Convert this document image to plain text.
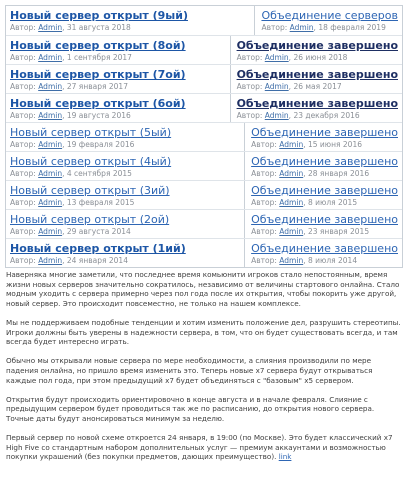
Новый сервер открыт (9ый)
Автор: Admin, 31 августа 2018
Объединение серверов
Автор: Admin, 18 февраля 2019
Новый сервер открыт (8ой)
Автор: Admin, 1 сентября 2017
Объединение завершено
Автор: Admin, 26 июня 2018
Новый сервер открыт (7ой)
Автор: Admin, 27 января 2017
Объединение завершено
Автор: Admin, 26 мая 2017
Новый сервер открыт (6ой)
Автор: Admin, 19 августа 2016
Объединение завершено
Автор: Admin, 23 декабря 2016
Новый сервер открыт (5ый)
Автор: Admin, 19 февраля 2016
Объединение завершено
Автор: Admin, 15 июня 2016
Новый сервер открыт (4ый)
Автор: Admin, 4 сентября 2015
Объединение завершено
Автор: Admin, 28 января 2016
Новый сервер открыт (3ий)
Автор: Admin, 13 февраля 2015
Объединение завершено
Автор: Admin, 8 июля 2015
Новый сервер открыт (2ой)
Автор: Admin, 29 августа 2014
Объединение завершено
Автор: Admin, 23 января 2015
Новый сервер открыт (1ий)
Автор: Admin, 24 января 2014
Объединение завершено
Автор: Admin, 8 июля 2014

Наверняка многие заметили, что последнее время комьюнити игроков стало непостоянным, время жизни новых серверов значительно сократилось, независимо от величины стартового онлайна. Стало модным уходить с сервера примерно через пол года после их открытия, чтобы покорить уже другой, новый сервер. Это происходит повсеместно, не только на нашем комплексе.

Мы не поддерживаем подобные тенденции и хотим изменить положение дел, разрушить стереотипы. Игроки должны быть уверены в надежности сервера, в том, что он будет существовать всегда, и там всегда будет интересно играть.

Обычно мы открывали новые сервера по мере необходимости, а слияния производили по мере падения онлайна, но пришло время изменить это. Теперь новые x7 сервера будут открываться каждые пол года, при этом предыдущий x7 будет объединяться с "базовым" x5 сервером.

Открытия будут происходить ориентировочно в конце августа и в начале февраля. Слияние с предыдущим сервером будет проводиться так же по расписанию, до открытия нового сервера. Точные даты будут анонсироваться минимум за неделю.

Первый сервер по новой схеме откроется 24 января, в 19:00 (по Москве). Это будет классический x7 High Five со стандартным набором дополнительных услуг — премиум аккаунтами и возможностью покупки украшений (без покупки предметов, дающих преимущество). link
